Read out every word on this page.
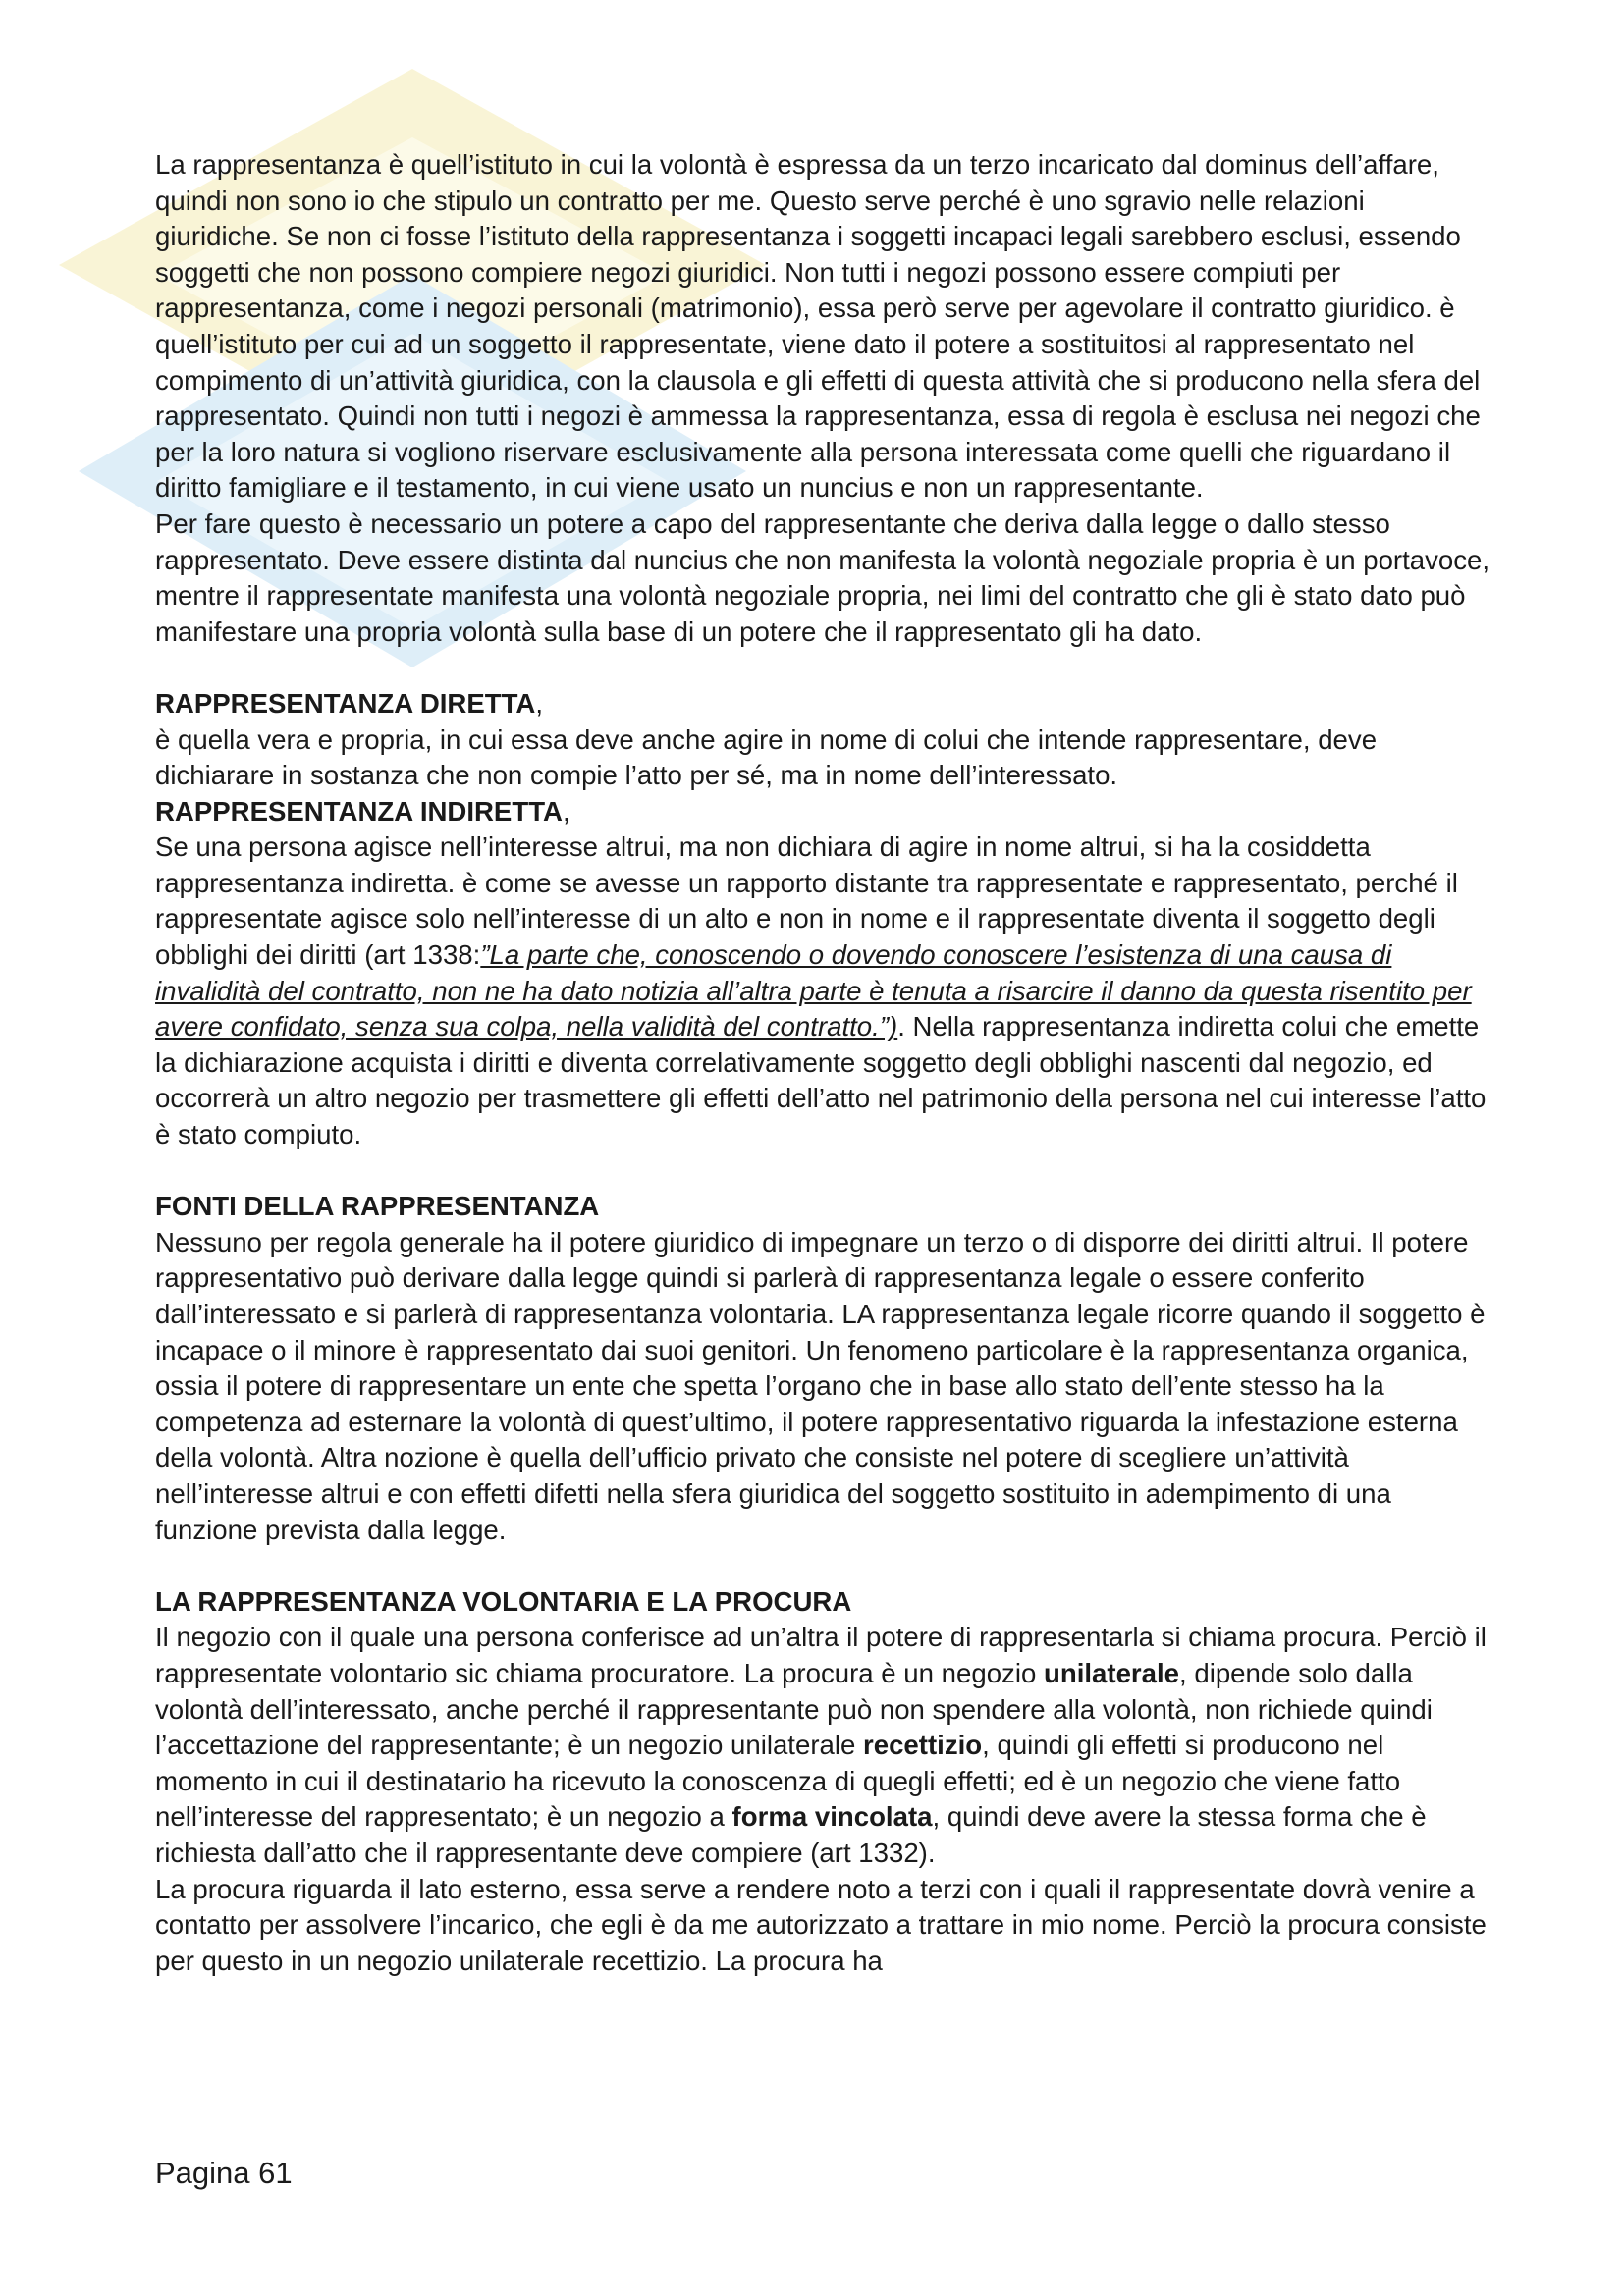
La rappresentanza è quell’istituto in cui la volontà è espressa da un terzo incaricato dal dominus dell’affare, quindi non sono io che stipulo un contratto per me. Questo serve perché è uno sgravio nelle relazioni giuridiche. Se non ci fosse l’istituto della rappresentanza i soggetti incapaci legali sarebbero esclusi, essendo soggetti che non possono compiere negozi giuridici. Non tutti i negozi possono essere compiuti per rappresentanza, come i negozi personali (matrimonio), essa però serve per agevolare il contratto giuridico. è quell’istituto per cui ad un soggetto il rappresentate, viene dato il potere a sostituitosi al rappresentato nel compimento di un’attività giuridica, con la clausola e gli effetti di questa attività che si producono nella sfera del rappresentato. Quindi non tutti i negozi è ammessa la rappresentanza, essa di regola è esclusa nei negozi che per la loro natura si vogliono riservare esclusivamente alla persona interessata come quelli che riguardano il diritto famigliare e il testamento, in cui viene usato un nuncius e non un rappresentante.

Per fare questo è necessario un potere a capo del rappresentante che deriva dalla legge o dallo stesso rappresentato. Deve essere distinta dal nuncius che non manifesta la volontà negoziale propria è un portavoce, mentre il rappresentate manifesta una volontà negoziale propria, nei limi del contratto che gli è stato dato può manifestare una propria volontà sulla base di un potere che il rappresentato gli ha dato.

RAPPRESENTANZA DIRETTA,

è quella vera e propria, in cui essa deve anche agire in nome di colui che intende rappresentare, deve dichiarare in sostanza che non compie l’atto per sé, ma in nome dell’interessato.

RAPPRESENTANZA INDIRETTA,

Se una persona agisce nell’interesse altrui, ma non dichiara di agire in nome altrui, si ha la cosiddetta rappresentanza indiretta. è come se avesse un rapporto distante tra rappresentate e rappresentato, perché il rappresentate agisce solo nell’interesse di un alto e non in nome e il rappresentate diventa il soggetto degli obblighi dei diritti (art 1338:”La parte che, conoscendo o dovendo conoscere l’esistenza di una causa di invalidità del contratto, non ne ha dato notizia all’altra parte è tenuta a risarcire il danno da questa risentito per avere confidato, senza sua colpa, nella validità del contratto.”). Nella rappresentanza indiretta colui che emette la dichiarazione acquista i diritti e diventa correlativamente soggetto degli obblighi nascenti dal negozio, ed occorrerà un altro negozio per trasmettere gli effetti dell’atto nel patrimonio della persona nel cui interesse l’atto è stato compiuto.

FONTI DELLA RAPPRESENTANZA

Nessuno per regola generale ha il potere giuridico di impegnare un terzo o di disporre dei diritti altrui. Il potere rappresentativo può derivare dalla legge quindi si parlerà di rappresentanza legale o essere conferito dall’interessato e si parlerà di rappresentanza volontaria. LA rappresentanza legale ricorre quando il soggetto è incapace o il minore è rappresentato dai suoi genitori. Un fenomeno particolare è la rappresentanza organica, ossia il potere di rappresentare un ente che spetta l’organo che in base allo stato dell’ente stesso ha la competenza ad esternare la volontà di quest’ultimo, il potere rappresentativo riguarda la infestazione esterna della volontà. Altra nozione è quella dell’ufficio privato che consiste nel potere di scegliere un’attività nell’interesse altrui e con effetti difetti nella sfera giuridica del soggetto sostituito in adempimento di una funzione prevista dalla legge.

LA RAPPRESENTANZA VOLONTARIA E LA PROCURA

Il negozio con il quale una persona conferisce ad un’altra il potere di rappresentarla si chiama procura. Perciò il rappresentate volontario sic chiama procuratore. La procura è un negozio unilaterale, dipende solo dalla volontà dell’interessato, anche perché il rappresentante può non spendere alla volontà, non richiede quindi l’accettazione del rappresentante; è un negozio unilaterale recettizio, quindi gli effetti si producono nel momento in cui il destinatario ha ricevuto la conoscenza di quegli effetti; ed è un negozio che viene fatto nell’interesse del rappresentato; è un negozio a forma vincolata, quindi deve avere la stessa forma che è richiesta dall’atto che il rappresentante deve compiere (art 1332).

La procura riguarda il lato esterno, essa serve a rendere noto a terzi con i quali il rappresentate dovrà venire a contatto per assolvere l’incarico, che egli è da me autorizzato a trattare in mio nome. Perciò la procura consiste per questo in un negozio unilaterale recettizio. La procura ha

Pagina 61
